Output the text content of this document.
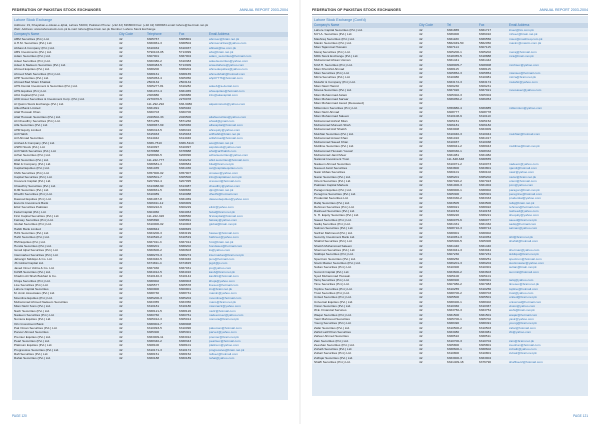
FEDERATION OF PAKISTAN STOCK EXCHANGES	ANNUAL REPORT 2003-2004
Lahore Stock Exchange
Address: 19, Khayaban-e-Aiwan-e-Iqbal, Lahore 54000, Pakistan Phone: (+92 42) 6368000 Fax: (+92 42) 6368484 email: lahore@lse.brain.net.pk
Web: Address: www.lahorestock.com.pk E-mail: lahore@lse.brain.net.pk Member: Lahore Stock Exchange
Company's Name	City Code	Telephone	Fax	Email Address
ABM Securities (Pvt.) Ltd.	42	6305767	6305801	abmsec@brain.net.pk
A.H.M. Securities (Pvt.) Ltd.	42	6360961-3	6368504	ahmsecurities@yahoo.com
Abbasi & Company (Pvt.) Ltd.	42	6310034	6310037	abbasi@lse.com.pk
ABS Investments (Pvt.) Ltd.	42	5790103-05	5713099	abs@brain.net.pk
Adam Securities (Pvt.) Ltd.	42	6307001	6367004	adam_securities@hotmail.com
Adeel Securities (Pvt.) Ltd.	42	6360380-2	6310383	adeelsecurities@yahoo.com
Adeel & Nadeem Securities (Pvt.) Ltd.	42	6308483-5	5713309	anseclahore@yahoo.com
Ahmed Equities (Pvt.) Ltd.	42	6368200	6368204	ahmedequities@yahoo.com
Ahmed Shah Securities (Pvt.) Ltd.	42	6368161	6368165	ahmedshah@hotmail.com
AHP Securities (Pvt.) Ltd.	42	6305053-4	6305050	ahp07776@hotmail.com
Ahmad Bad Shani Khattak	42	2503134	2503134
AHS Dental Investment & Securities (Pvt.) Ltd.	42	6305277-81	6310282	adeeb@a-dental.com
AHS Equities (Pvt.) Ltd.	42	6361072-4	6361065	ahsequities@hotmail.com
AKA Capital (Pvt.) Ltd.	42	2306880	2306886	info@akacapital.com
AKD Asset Securities & Investment Corp. (Pvt.) Ltd.	42	2270070-5	2270078
Al Qasim Stock Exchange (Pvt.) Ltd.	42	111-292-292	636-6080	alqasimstock@yahoo.com
Allied Bank Limited	42	6361991	6305040
Altaf Hussain Khan	42	6360703	6360706
Altaf Hussain Securities (Pvt.) Ltd.	42	2029502-33	2029500	altafsecurities@yahoo.com
Ali Chaudhry Securities (Pvt.) Ltd.	42	5871259	5871260	ahsali@gmail.com
Alfa Securities (Pvt.) Ltd.	42	6308967-69	6305966	alfacapital@hotmail.com
AHR Equity Limited	42	6366313-5	6366316	ahrequity@yahoo.com
Arif Habib	42	6315933	6315933	arifhabib@brain.net.pk
Arif Ahmad Securities	42	6314042	6314046	arifahmad@hotmail.com
Arshad & Company (Pvt.) Ltd.	42	6366-7510	6366-5113	aco@brain.net.pk
ASPD Stock (Pvt.) Ltd.	42	6310097	6310097	aspdstock@yahoo.com
Arif Habib Securities (Pvt.) Ltd.	42	6378888	6378888	ahsl@arifhabib.com
Azhar Securities (Pvt.) Ltd.	42	6208090-5	6208096	azharsecurities@yahoo.com
Abid Securities (Pvt.) Ltd.	42	111-222-777	6310232	abid.securities@hotmail.com
Bilal & Company (Pvt.) Ltd.	42	6368681-3	6368684	bilal@brain.net.pk
Capital Equities (Pvt.) Ltd.	42	6361035	6361036	cel@capitalequities.com
CMA Securities (Pvt.) Ltd.	42	6357900-02	6357907	cmasec@yahoo.com
Capital Securities (Pvt.) Ltd.	42	6305501-7	6305500	info@capitalsec.com.pk
Crescent Capital (Pvt.) Ltd.	42	6207092-4	6207095	crescent@hotmail.com
Chaudhry Securities (Pvt.) Ltd.	42	6313088-90	6313087	chaudhry@yahoo.com
DJM Securities (Pvt.) Ltd.	42	6368831-5	6368830	djm@brain.net.pk
Dhedhi Securities (Pvt.) Ltd.	42	6310089	6310088	dhedhi@hotmail.com
Dawood Equities (Pvt.) Ltd.	42	6361067-8	6361069	dawoodequities@yahoo.com
Escorts Investment Bank	42	6306911-12	6306909
Elixir Securities Pakistan	42	6300222-6	6300229	elixir@yahoo.com
Fazal Capital (Pvt.) Ltd.	42	6304060	6304063	fazal@brain.net.pk
First Capital Securities (Pvt.) Ltd.	42	111-222-326	6368560	firstcapital@hotmail.com
Fairway Securities (Pvt.) Ltd.	42	6365890	6365891	fairway@yahoo.com
Global Securities (Pvt.) Ltd.	42	6310000-02	6310003	global@brain.net.pk
Habib Bank Limited	42	6368844	6368845
HAS Securities (Pvt.) Ltd.	42	6363200-3	6363199	hassec@hotmail.com
Hafiz Securities (Pvt.) Ltd.	42	6310520-2	6310519	hafizsec@yahoo.com
HMI Equities (Pvt.) Ltd.	42	6367011-3	6367014	hmi@brain.net.pk
Honda Securities (Pvt.) Ltd.	42	6368201	6368202	hondasec@hotmail.com
Ismail Iqbal Securities (Pvt.) Ltd.	42	6360600-2	6360603	iis@yahoo.com
Intermarket Securities (Pvt.) Ltd.	42	6368270-3	6368274	intermarket@brain.net.pk
Jahangir Siddiqui & Co. Ltd.	42	6363040-5	6363046	jsco@hotmail.com
JS Global Capital Ltd.	42	6374811-4	6374815	jsgcl@js.com
Javed Omer Vohra & Co. Ltd.	42	6367030	6367031	jov@yahoo.com
KASB Securities (Pvt.) Ltd.	42	6364012-5	6364016	kasb@brain.net.pk
Khadim Ali Shah Bukhari & Co.	42	6310140-3	6310144	kasbhk@hotmail.com
Khoja Securities (Pvt.) Ltd.	42	6368002	6368003	khoja@yahoo.com
Live Securities (Pvt.) Ltd.	42	6305577	6305578	livesec@hotmail.com
Lahore Capital Securities	42	6300900	6300901	lcs@brain.net.pk
M. Amin Associates (Pvt.) Ltd.	42	6368730	6368731	mamin@yahoo.com
Moonline Equities (Pvt.) Ltd.	42	6365200-3	6365204	moonline@hotmail.com
Muhammad Ahmed Nadeem Securities	42	6363355	6363356	mans@brain.net.pk
Mian Nazir Sons (Pvt.) Ltd.	42	6310181	6310180	miannazir@yahoo.com
Nazir Securities (Pvt.) Ltd.	42	6368121-5	6368126	nazir@hotmail.com
Nadeem Securities (Pvt.) Ltd.	42	6360760	6360761	nadeemsec@yahoo.com
Nomura Equities (Pvt.) Ltd.	42	6305012-3	6305014	nomura@brain.net.pk
Orix Investment Bank	42	6368004-7	6368008
Pak Oman Securities (Pvt.) Ltd.	42	6310093-5	6310096	pakoman@hotmail.com
Parvez Ahmed Securities	42	6365300	6365301	parvez@yahoo.com
Premier Equities (Pvt.) Ltd.	42	6363009-11	6363012	premier@brain.net.pk
Pearl Securities (Pvt.) Ltd.	42	6368340-2	6368343	pearlsec@hotmail.com
Platinum Equities (Pvt.) Ltd.	42	6308100	6308101	platinum@yahoo.com
Progressive Securities (Pvt.) Ltd.	42	6310171-3	6310174	progressive@brain.net.pk
Rafi Securities (Pvt.) Ltd.	42	6368151	6368152	rafisec@hotmail.com
Rahat Securities (Pvt.) Ltd.	42	6360188	6360189	rahat@yahoo.com
PAGE 120
FEDERATION OF PAKISTAN STOCK EXCHANGES	ANNUAL REPORT 2003-2004
Lahore Stock Exchange (Cont'd)
Company's Name	City Code	Tel	Fax	Email Address
Lahore Capital Securities (Pvt.) Ltd.	42	6361865	6361717	lcsec@lcs.com.pk
M.H.A. Securities (Pvt.) Ltd.	42	6366000	6366010	mhsec@brain.net.pk
Mashreq Securities (Pvt.) Ltd.	42	6361180	6366550	msec@mashreq.com.pk
Maxim Securities (Pvt.) Ltd.	42	5862049-50	5862050	maxim@maxim.com.pk
Mian Tajammal Hussain	42	6307114	6307115
Meraj Securities (Pvt.) Ltd.	42	6305200-1	6305202	meraj@hotmail.com
MRA Stock Exchange (Pvt.) Ltd.	42	6318455-5	6318888	mra@brain.net.pk
Muhammad Ahsan Usman	42	6361441	6361442
M.M.H. Securities (Pvt.) Ltd.	42	6308005-7	6308008	mmhsec@yahoo.com
Mian Khurshid Ahmad	42	6368115	6368115
Mian Securities (Pvt.) Ltd.	42	6305852-3	6305854	miansec@hotmail.com
Mirza Securities (Pvt.) Ltd.	42	6310080	6310081	mirza@brain.net.pk
Mutahir & Company (Pvt.) Ltd.	42	6363172-3	6363174	mutahir@yahoo.com
Mian Nasir Hamid	42	6309230	6309231
Moosa Securities (Pvt.) Ltd.	42	6367020	6367021	moosasec@yahoo.com
Mian Mohammad Aslam	42	6305302-3	6305304
Mian Muhammad Sarwar	42	6366050-2	6366053
Mian Muhammad Javed (Deceased)	42
Millennium Securities (Pvt.) Ltd.	42	6359880-4	6366885	millennium@yahoo.com
Mian Nazir Ahmad	42	6308777	6308778
Mian Muhammad Saleem	42	6310108-9	6310110
Mohammad Ashraf Mian	42	6305151	6305152
Muhammad Muneeb Shah	42	6306181	6306182
Muhammad Asif Sheikh	42	6363008	6363009
Mukhtar Securities (Pvt.) Ltd.	42	6310040-3	6310044	mukhtar@hotmail.com
Muhammad Anwar Khan	42	6361016	6361017
Muhammad Saeed Khan	42	6310037	6310038
Multiline Securities (Pvt.) Ltd.	42	6368041-2	6368043	multiline@brain.net.pk
Muhammad Hussain Yousaf	42	6308330-1	6308332
Muhammad Jamil Meer	42	6361081	6361082
National Investment Trust	42	111-648-648	6368655
Nadeem Ahmed Securities	42	6310071-2	6310073	nadeem@yahoo.com
Naveed Jamil Securities	42	6363800	6363801	njamil@hotmail.com
Nasir Abbas Securities	42	6360101	6360102	nasir@yahoo.com
Nazar Securities (Pvt.) Ltd.	42	6365201	6365202	nazar@brain.net.pk
Orient Securities (Pvt.) Ltd.	42	6307020-2	6307023	orient@hotmail.com
Pakistan Capital Markets	42	6361000-3	6361004	pcm@yahoo.com
Paragon Equities (Pvt.) Ltd.	42	6368000-1	6368002	paragon@brain.net.pk
Peregrine Securities (Pvt.) Ltd.	42	6305300	6305301	peregrine@hotmail.com
Prudential Securities Ltd.	42	6363330-2	6363333	prudential@yahoo.com
Rafiq Securities (Pvt.) Ltd.	42	6363505	6363506	rafiq@brain.net.pk
Rehman Securities (Pvt.) Ltd.	42	6368021	6368022	rehman@hotmail.com
Rasheed Securities (Pvt.) Ltd.	42	6310152	6310153	rasheed@yahoo.com
S. H. Equity Securities (Pvt.) Ltd.	42	6368220	6368221	shequity@yahoo.com
Saeed Securities (Pvt.) Ltd.	42	6360075-6	6360077	saeed@brain.net.pk
Sadiq Securities (Pvt.) Ltd.	42	6361331	6361332	sadiq@hotmail.com
Salman Securities (Pvt.) Ltd.	42	6308710-3	6308714	salman@yahoo.com
Sarfraz Mahmood (Pvt.) Ltd.	42	6368001	6368002
Security Investment Bank Ltd.	42	6310051-3	6310054	sibl@brain.net.pk
Shahid Securities (Pvt.) Ltd.	42	6305300-5	6305306	shahid@hotmail.com
Sheikh Muhammad Saleem	42	6361440	6361440
Sherman Securities (Pvt.) Ltd.	42	6363041-3	6363044	sherman@yahoo.com
Siddiqui Securities (Pvt.) Ltd.	42	6307230	6307231	siddiqui@brain.net.pk
Spectrum Securities (Pvt.) Ltd.	42	6368250	6368251	spectrum@hotmail.com
Stock Master Securities (Pvt.) Ltd.	42	6366201-3	6366204	stockmaster@yahoo.com
Sultan Securities (Pvt.) Ltd.	42	6310300	6310301	sultan@brain.net.pk
Summit Capital (Pvt.) Ltd.	42	6363600-2	6363603	summit@hotmail.com
Syed Muhammad Hussain	42	6305100	6305101
Tariq Securities (Pvt.) Ltd.	42	6368300	6368301	tariq@yahoo.com
Time Securities (Pvt.) Ltd.	42	6307080-2	6307083	timesec@brain.net.pk
Topline Securities (Pvt.) Ltd.	42	6310255	6310256	topline@hotmail.com
Trust Securities (Pvt.) Ltd.	42	6368700-2	6368703	trust@yahoo.com
United Securities (Pvt.) Ltd.	42	6305500	6305501	united@brain.net.pk
Universal Equities (Pvt.) Ltd.	42	6368400-1	6368402	universal@hotmail.com
Vision Securities (Pvt.) Ltd.	42	6310366	6310367	vision@yahoo.com
W.E. Financial Services	42	6363750-3	6363754	wefs@brain.net.pk
Waqar Securities (Pvt.) Ltd.	42	6361500	6361501	waqar@hotmail.com
Yasir Mahmood Securities	42	6305700-1	6305702	yasir@yahoo.com
Young Securities (Pvt.) Ltd.	42	6368490	6368491	young@brain.net.pk
Zafar Securities (Pvt.) Ltd.	42	6310500-2	6310503	zafar@hotmail.com
Zahid Latif Khan Securities	42	6363080	6363081	zlk@yahoo.com
Zaheer Ahmed Securities	42	6368510	6368511
Zain Securities (Pvt.) Ltd.	42	6310700-3	6310704	zain@brain.net.pk
Zeeshan Securities (Pvt.) Ltd.	42	6305800	6305801	zeeshan@hotmail.com
Zohaib Securities (Pvt.) Ltd.	42	6368600-1	6368602	zohaib@yahoo.com
Zubair Securities (Pvt.) Ltd.	42	6310800	6310801	zubair@brain.net.pk
Zulfiqar Securities (Pvt.) Ltd.	42	6363900-3	6363904
Shaffi Securities (Pvt.) Ltd.	42	6321409-18	6376790	shaffisec2@hotmail.com
PAGE 121
